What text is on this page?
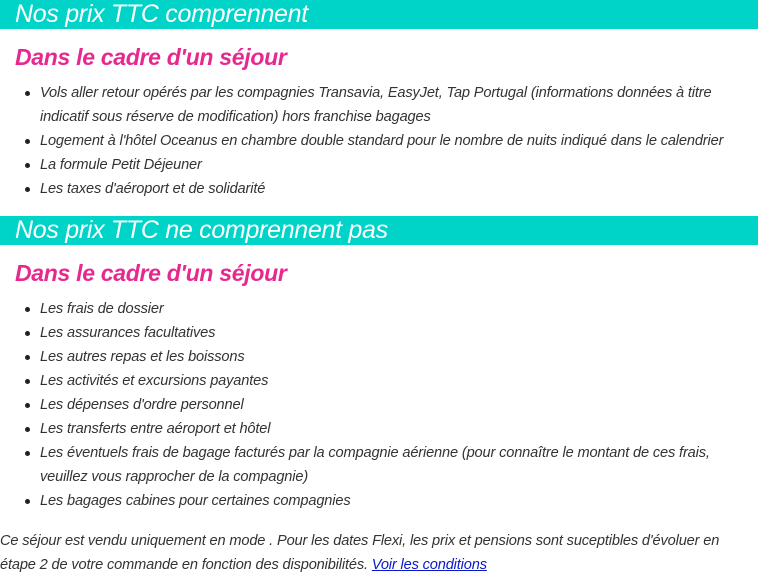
Nos prix TTC comprennent
Dans le cadre d'un séjour
Vols aller retour opérés par les compagnies Transavia, EasyJet, Tap Portugal (informations données à titre indicatif sous réserve de modification) hors franchise bagages
Logement à l'hôtel Oceanus en chambre double standard pour le nombre de nuits indiqué dans le calendrier
La formule Petit Déjeuner
Les taxes d'aéroport et de solidarité
Nos prix TTC ne comprennent pas
Dans le cadre d'un séjour
Les frais de dossier
Les assurances facultatives
Les autres repas et les boissons
Les activités et excursions payantes
Les dépenses d'ordre personnel
Les transferts entre aéroport et hôtel
Les éventuels frais de bagage facturés par la compagnie aérienne (pour connaître le montant de ces frais, veuillez vous rapprocher de la compagnie)
Les bagages cabines pour certaines compagnies

Ce séjour est vendu uniquement en mode . Pour les dates Flexi, les prix et pensions sont suceptibles d'évoluer en étape 2 de votre commande en fonction des disponibilités. Voir les conditions
